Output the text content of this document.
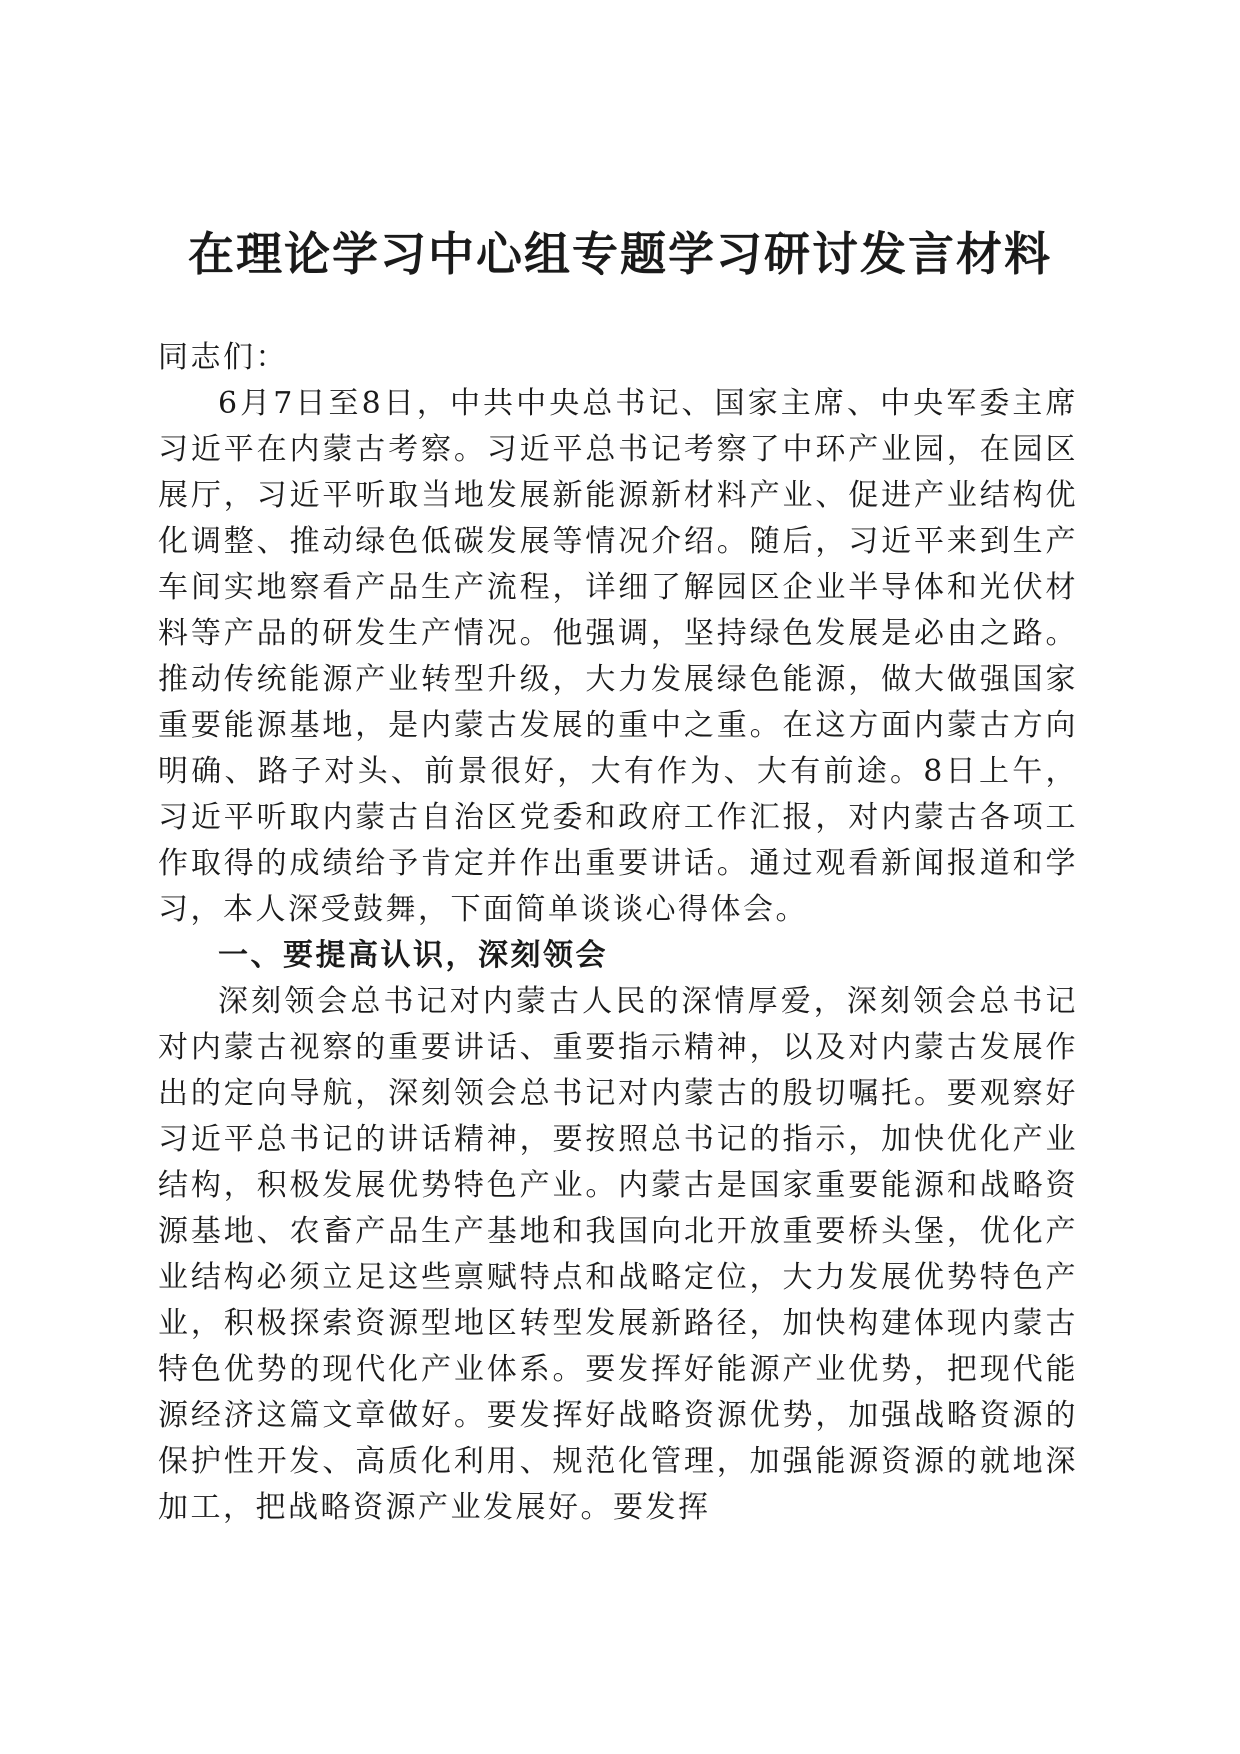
在理论学习中心组专题学习研讨发言材料

同志们：

6月7日至8日，中共中央总书记、国家主席、中央军委主席习近平在内蒙古考察。习近平总书记考察了中环产业园，在园区展厅，习近平听取当地发展新能源新材料产业、促进产业结构优化调整、推动绿色低碳发展等情况介绍。随后，习近平来到生产车间实地察看产品生产流程，详细了解园区企业半导体和光伏材料等产品的研发生产情况。他强调，坚持绿色发展是必由之路。推动传统能源产业转型升级，大力发展绿色能源，做大做强国家重要能源基地，是内蒙古发展的重中之重。在这方面内蒙古方向明确、路子对头、前景很好，大有作为、大有前途。8日上午，习近平听取内蒙古自治区党委和政府工作汇报，对内蒙古各项工作取得的成绩给予肯定并作出重要讲话。通过观看新闻报道和学习，本人深受鼓舞，下面简单谈谈心得体会。

一、要提高认识，深刻领会

深刻领会总书记对内蒙古人民的深情厚爱，深刻领会总书记对内蒙古视察的重要讲话、重要指示精神，以及对内蒙古发展作出的定向导航，深刻领会总书记对内蒙古的殷切嘱托。要观察好习近平总书记的讲话精神，要按照总书记的指示，加快优化产业结构，积极发展优势特色产业。内蒙古是国家重要能源和战略资源基地、农畜产品生产基地和我国向北开放重要桥头堡，优化产业结构必须立足这些禀赋特点和战略定位，大力发展优势特色产业，积极探索资源型地区转型发展新路径，加快构建体现内蒙古特色优势的现代化产业体系。要发挥好能源产业优势，把现代能源经济这篇文章做好。要发挥好战略资源优势，加强战略资源的保护性开发、高质化利用、规范化管理，加强能源资源的就地深加工，把战略资源产业发展好。要发挥
